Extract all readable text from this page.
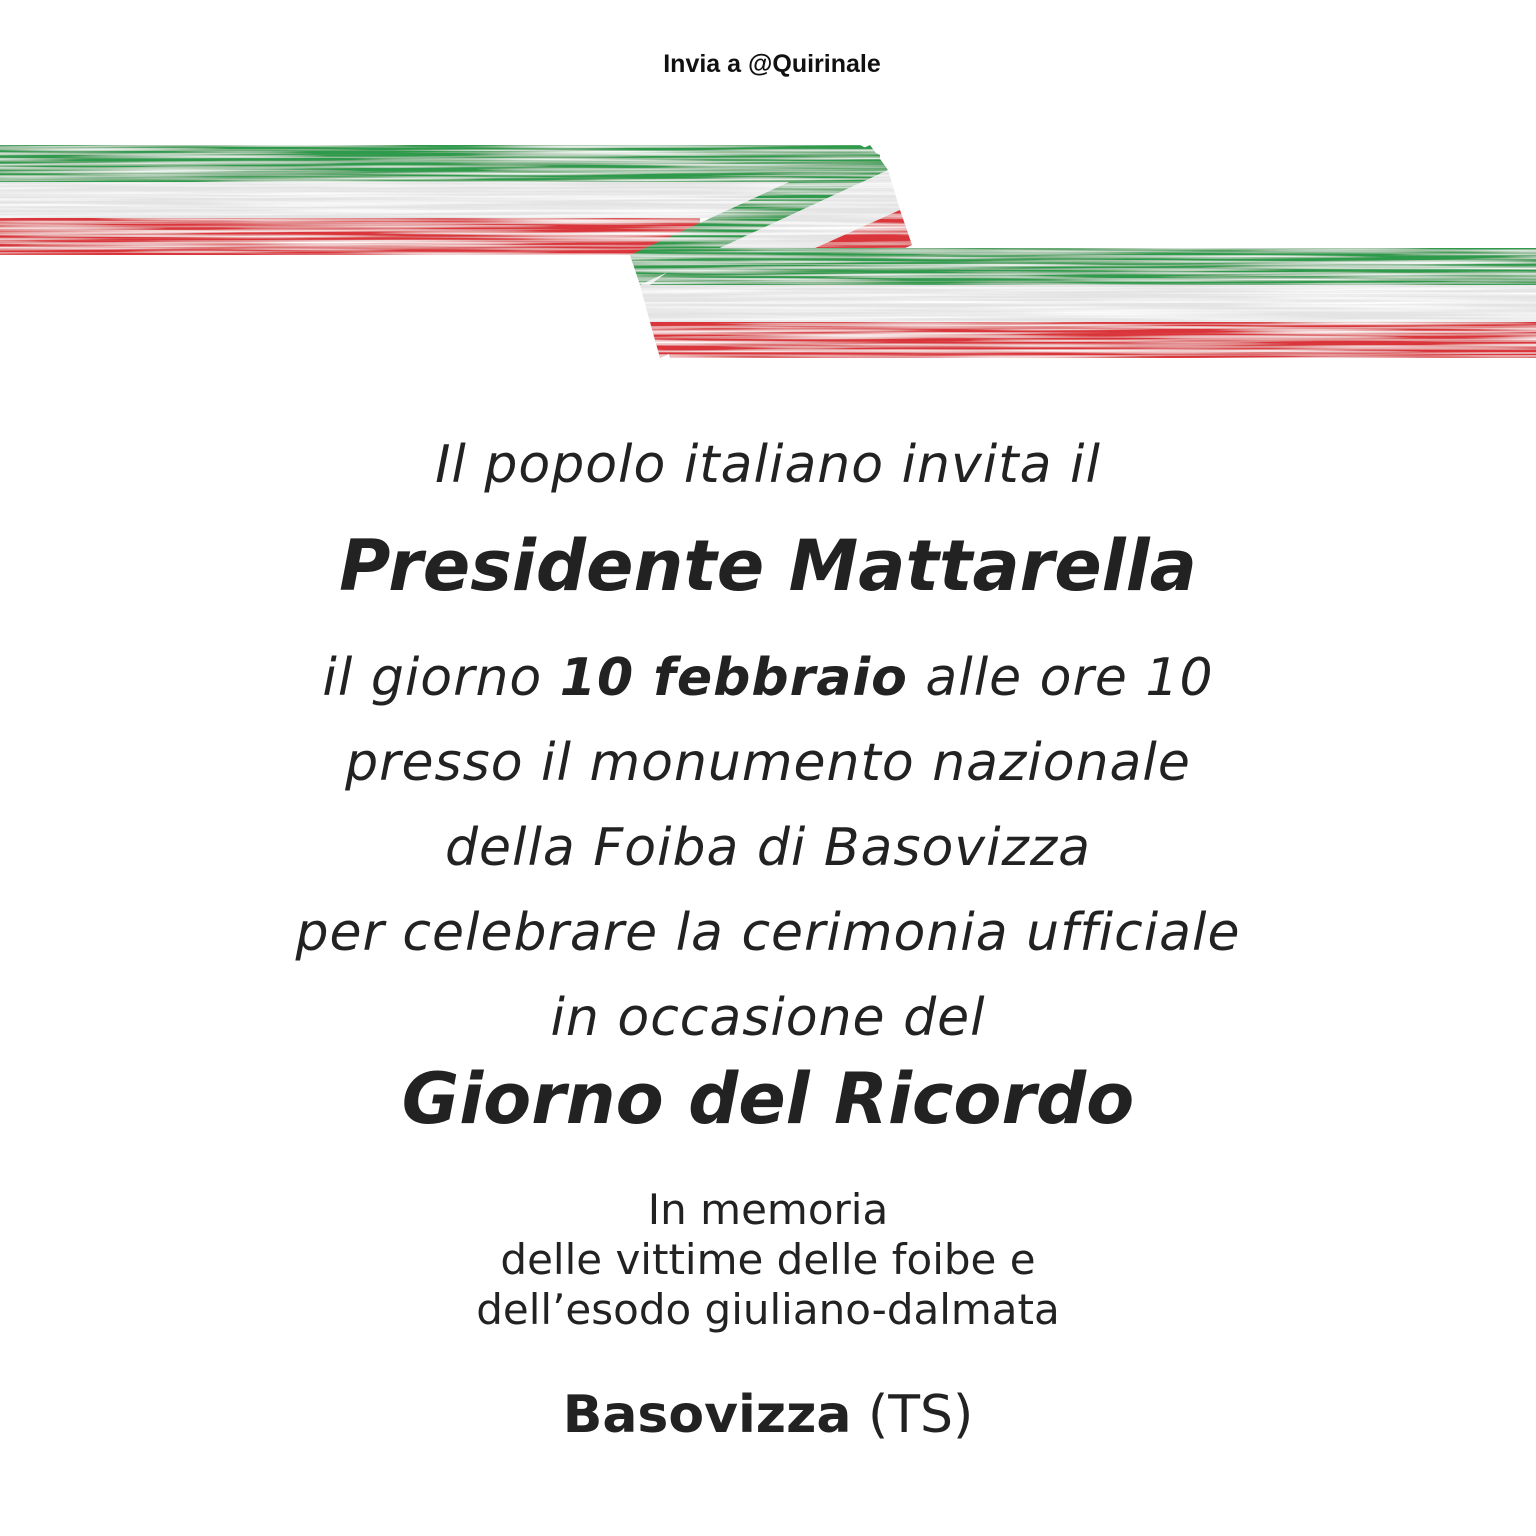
Invia a @Quirinale
Il popolo italiano invita il
Presidente Mattarella
il giorno 10 febbraio alle ore 10
presso il monumento nazionale
della Foiba di Basovizza
per celebrare la cerimonia ufficiale
in occasione del
Giorno del Ricordo
In memoria
delle vittime delle foibe e
dell’esodo giuliano-dalmata
Basovizza (TS)
